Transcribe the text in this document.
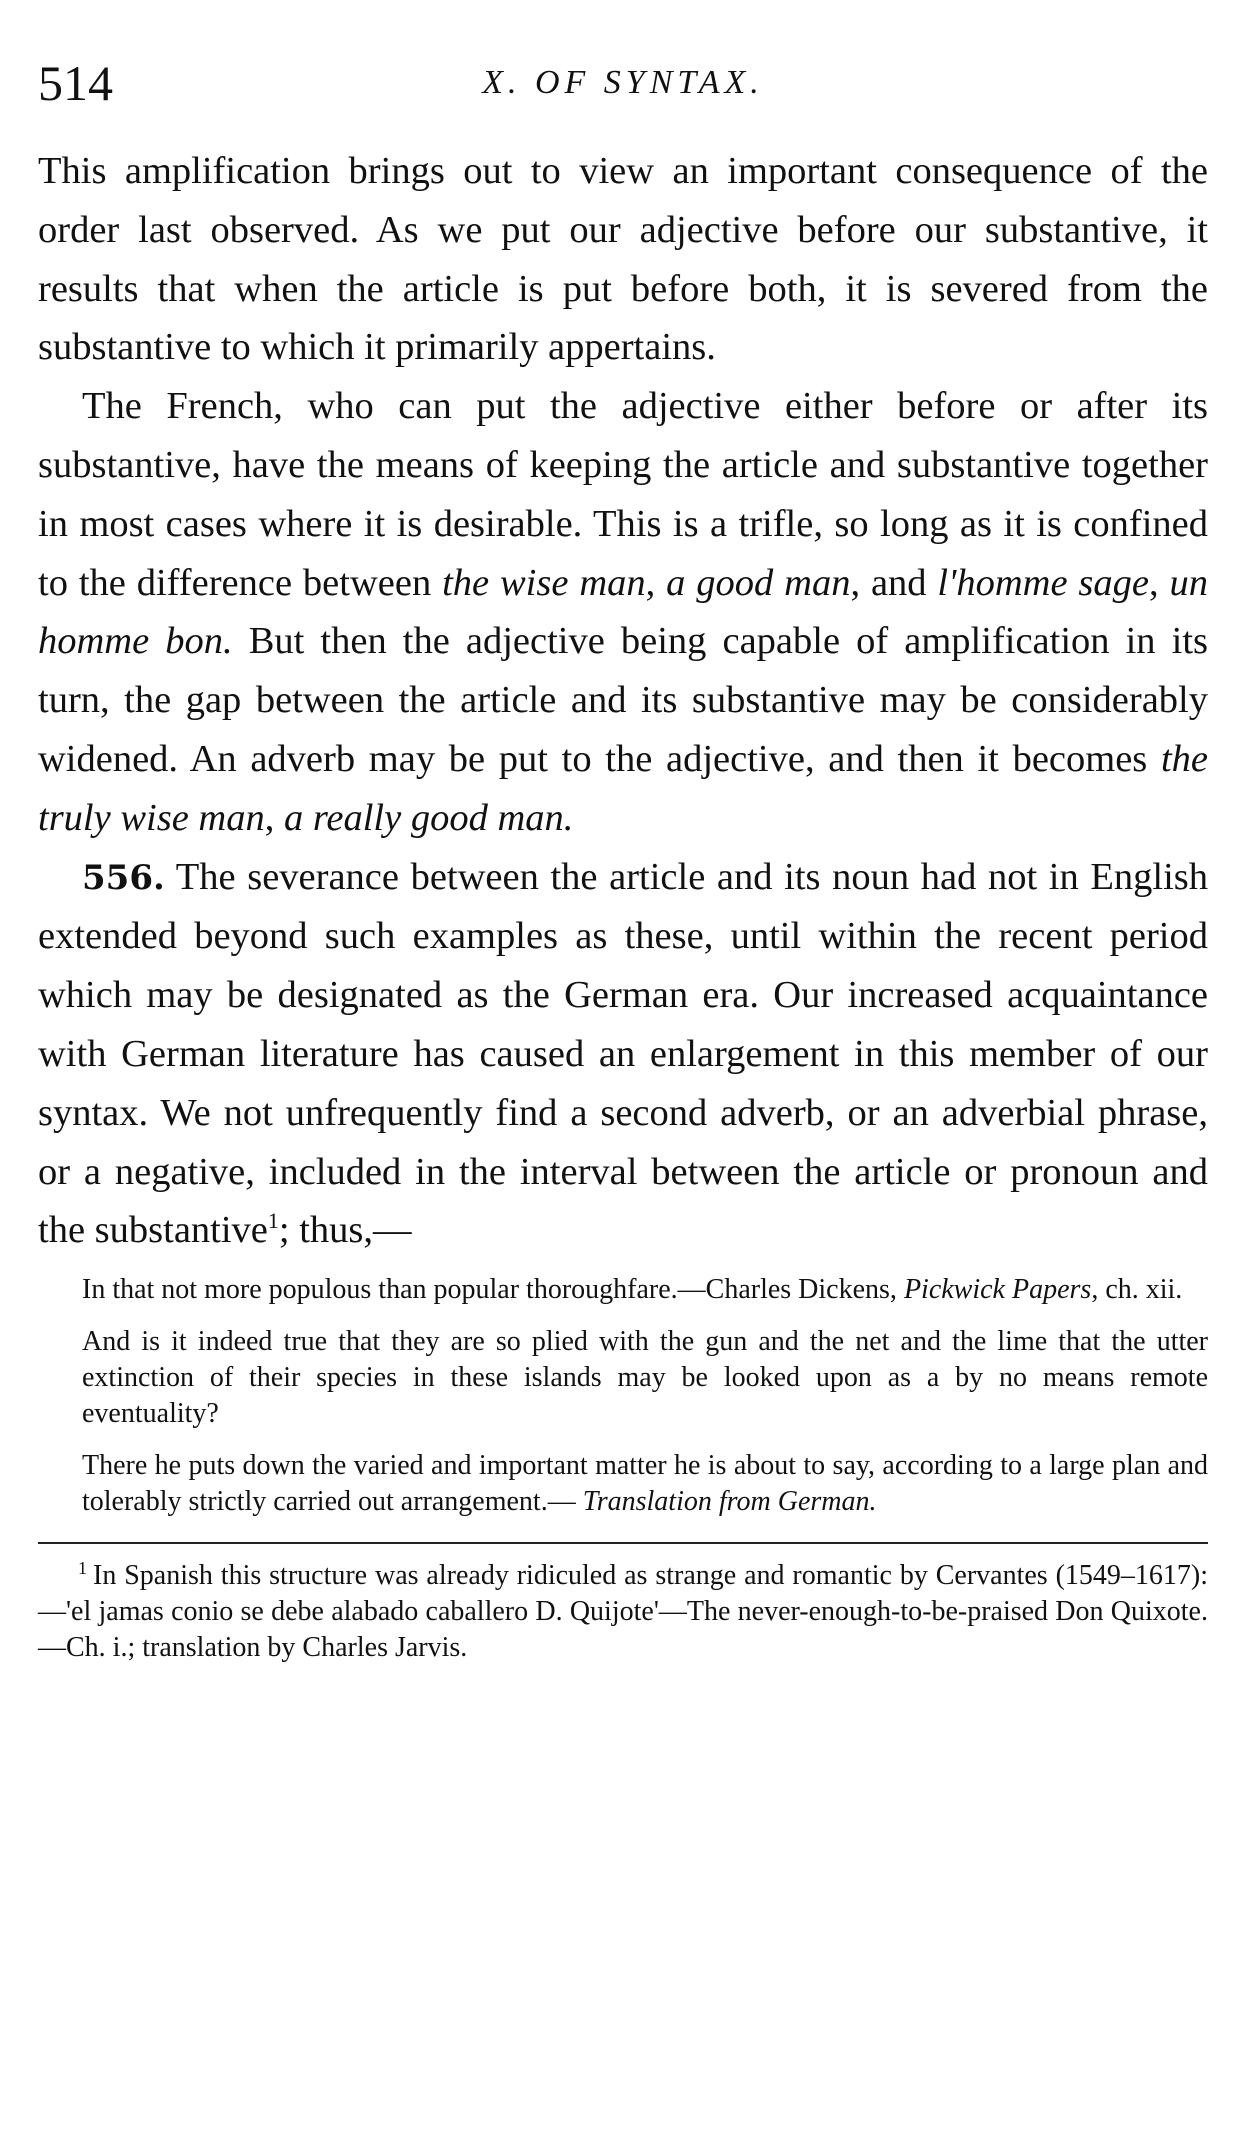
514	X. OF SYNTAX.

This amplification brings out to view an important consequence of the order last observed. As we put our adjective before our substantive, it results that when the article is put before both, it is severed from the substantive to which it primarily appertains.

The French, who can put the adjective either before or after its substantive, have the means of keeping the article and substantive together in most cases where it is desirable. This is a trifle, so long as it is confined to the difference between the wise man, a good man, and l'homme sage, un homme bon. But then the adjective being capable of amplification in its turn, the gap between the article and its substantive may be considerably widened. An adverb may be put to the adjective, and then it becomes the truly wise man, a really good man.

556. The severance between the article and its noun had not in English extended beyond such examples as these, until within the recent period which may be designated as the German era. Our increased acquaintance with German literature has caused an enlargement in this member of our syntax. We not unfrequently find a second adverb, or an adverbial phrase, or a negative, included in the interval between the article or pronoun and the substantive$^1$; thus,—

In that not more populous than popular thoroughfare.—Charles Dickens, Pickwick Papers, ch. xii.

And is it indeed true that they are so plied with the gun and the net and the lime that the utter extinction of their species in these islands may be looked upon as a by no means remote eventuality?

There he puts down the varied and important matter he is about to say, according to a large plan and tolerably strictly carried out arrangement.— Translation from German.

$^1$ In Spanish this structure was already ridiculed as strange and romantic by Cervantes (1549–1617):—'el jamas conio se debe alabado caballero D. Quijote'—The never-enough-to-be-praised Don Quixote.—Ch. i.; translation by Charles Jarvis.
